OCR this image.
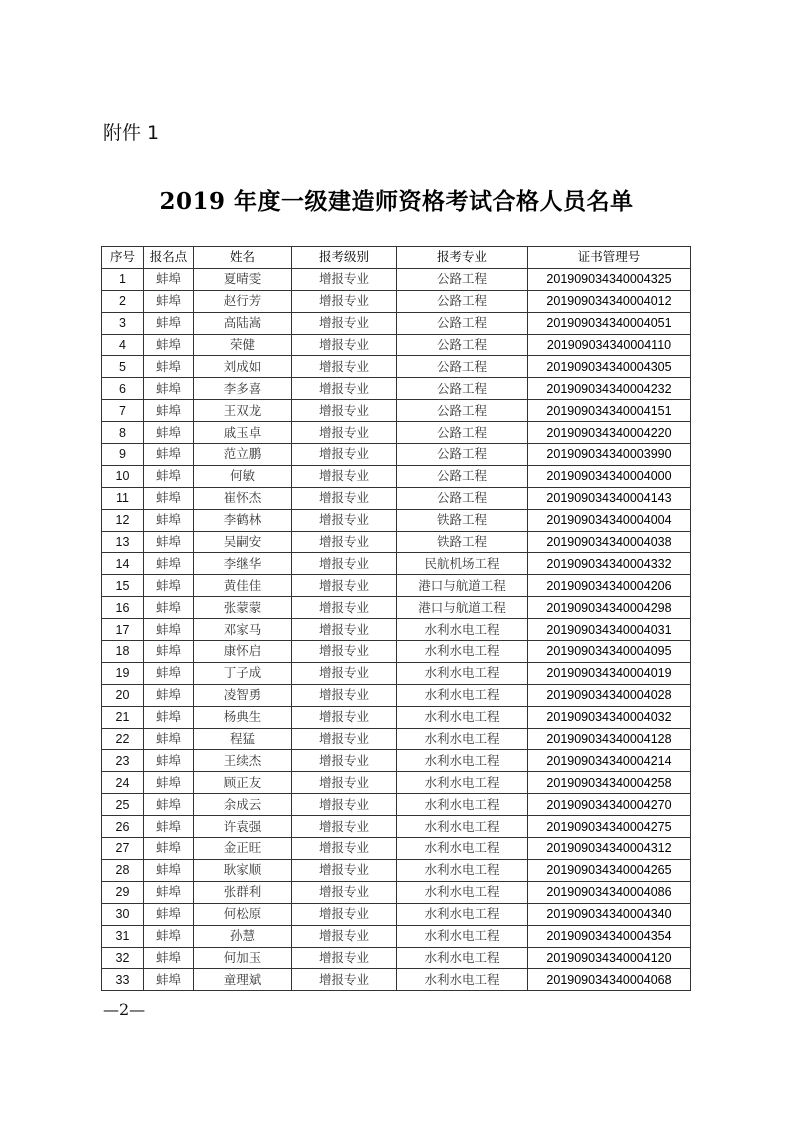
附件 1
2019 年度一级建造师资格考试合格人员名单
序号	报名点	姓名	报考级别	报考专业	证书管理号
1	蚌埠	夏晴雯	增报专业	公路工程	201909034340004325
2	蚌埠	赵行芳	增报专业	公路工程	201909034340004012
3	蚌埠	高陆嵩	增报专业	公路工程	201909034340004051
4	蚌埠	荣健	增报专业	公路工程	201909034340004110
5	蚌埠	刘成如	增报专业	公路工程	201909034340004305
6	蚌埠	李多喜	增报专业	公路工程	201909034340004232
7	蚌埠	王双龙	增报专业	公路工程	201909034340004151
8	蚌埠	戚玉卓	增报专业	公路工程	201909034340004220
9	蚌埠	范立鹏	增报专业	公路工程	201909034340003990
10	蚌埠	何敏	增报专业	公路工程	201909034340004000
11	蚌埠	崔怀杰	增报专业	公路工程	201909034340004143
12	蚌埠	李鹤林	增报专业	铁路工程	201909034340004004
13	蚌埠	吴嗣安	增报专业	铁路工程	201909034340004038
14	蚌埠	李继华	增报专业	民航机场工程	201909034340004332
15	蚌埠	黄佳佳	增报专业	港口与航道工程	201909034340004206
16	蚌埠	张蒙蒙	增报专业	港口与航道工程	201909034340004298
17	蚌埠	邓家马	增报专业	水利水电工程	201909034340004031
18	蚌埠	康怀启	增报专业	水利水电工程	201909034340004095
19	蚌埠	丁子成	增报专业	水利水电工程	201909034340004019
20	蚌埠	凌智勇	增报专业	水利水电工程	201909034340004028
21	蚌埠	杨典生	增报专业	水利水电工程	201909034340004032
22	蚌埠	程猛	增报专业	水利水电工程	201909034340004128
23	蚌埠	王续杰	增报专业	水利水电工程	201909034340004214
24	蚌埠	顾正友	增报专业	水利水电工程	201909034340004258
25	蚌埠	余成云	增报专业	水利水电工程	201909034340004270
26	蚌埠	许袁强	增报专业	水利水电工程	201909034340004275
27	蚌埠	金正旺	增报专业	水利水电工程	201909034340004312
28	蚌埠	耿家顺	增报专业	水利水电工程	201909034340004265
29	蚌埠	张群利	增报专业	水利水电工程	201909034340004086
30	蚌埠	何松原	增报专业	水利水电工程	201909034340004340
31	蚌埠	孙慧	增报专业	水利水电工程	201909034340004354
32	蚌埠	何加玉	增报专业	水利水电工程	201909034340004120
33	蚌埠	童理斌	增报专业	水利水电工程	201909034340004068
—2—
